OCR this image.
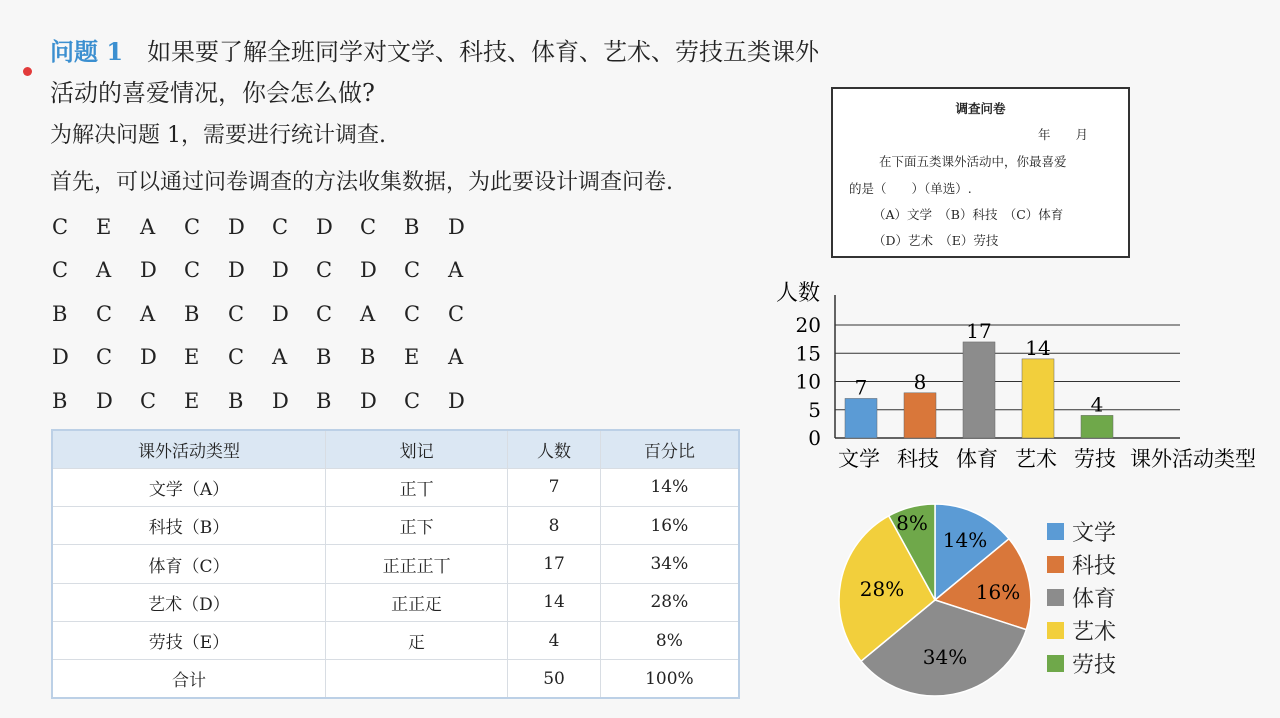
问题 1 如果要了解全班同学对文学、科技、体育、艺术、劳技五类课外
活动的喜爱情况，你会怎么做?
为解决问题 1，需要进行统计调查.
首先，可以通过问卷调查的方法收集数据，为此要设计调查问卷.
C	E	A	C	D	C	D	C	B	D
C	A	D	C	D	D	C	D	C	A
B	C	A	B	C	D	C	A	C	C
D	C	D	E	C	A	B	B	E	A
B	D	C	E	B	D	B	D	C	D
调查问卷
年　　月
在下面五类课外活动中，你最喜爱
的是（　　）（单选）.
（A）文学　（B）科技　（C）体育
（D）艺术　（E）劳技
课外活动类型	划记	人数	百分比
文学（A）	正丅	7	14%
科技（B）	正下	8	16%
体育（C）	正正正丅	17	34%
艺术（D）	正正𤴓	14	28%
劳技（E）	𤴓	4	8%
合计		50	100%
0
5
10
15
20
人数
7
文学
8
科技
17
体育
14
艺术
4
劳技 课外活动类型
14%
16%
34%
28%
8%	文学
科技
体育
艺术
劳技
